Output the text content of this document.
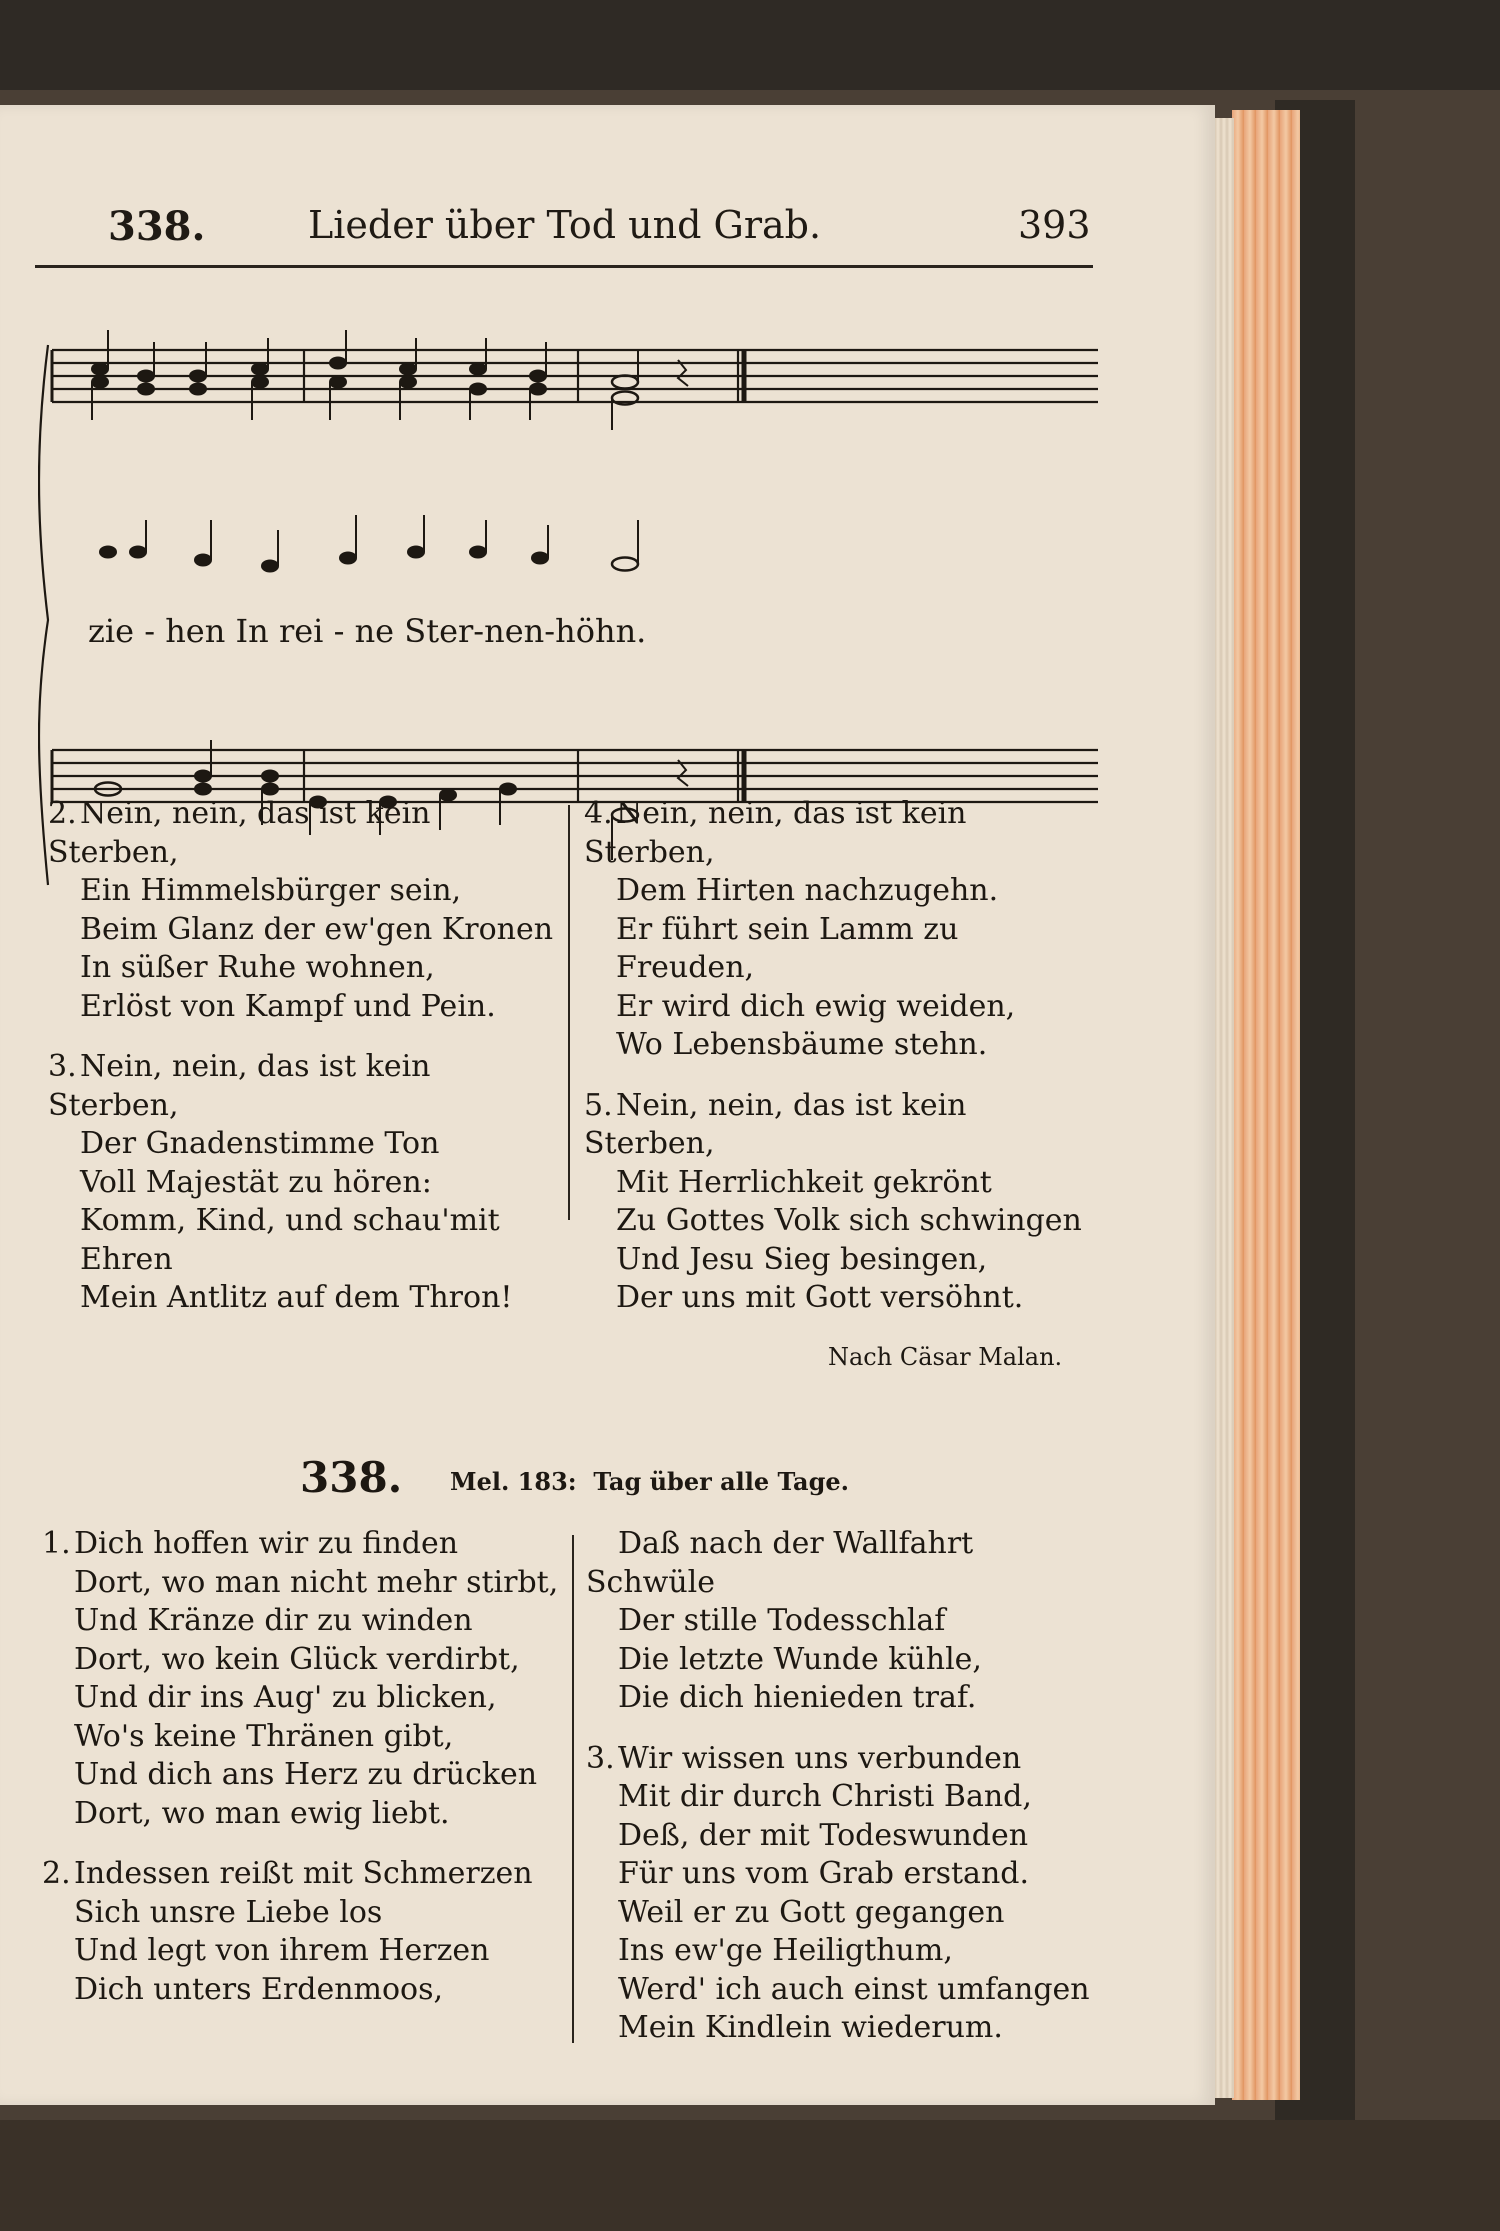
338.	Lieder über Tod und Grab.	393
zie - hen In rei - ne Ster-nen-höhn.
2. Nein, nein, das ist kein Sterben,
Ein Himmelsbürger sein,
Beim Glanz der ew'gen Kronen
In süßer Ruhe wohnen,
Erlöst von Kampf und Pein.
3. Nein, nein, das ist kein Sterben,
Der Gnadenstimme Ton
Voll Majestät zu hören:
Komm, Kind, und schau'mit Ehren
Mein Antlitz auf dem Thron!
4. Nein, nein, das ist kein Sterben,
Dem Hirten nachzugehn.
Er führt sein Lamm zu Freuden,
Er wird dich ewig weiden,
Wo Lebensbäume stehn.
5. Nein, nein, das ist kein Sterben,
Mit Herrlichkeit gekrönt
Zu Gottes Volk sich schwingen
Und Jesu Sieg besingen,
Der uns mit Gott versöhnt.
Nach Cäsar Malan.
338. Mel. 183:  Tag über alle Tage.
1. Dich hoffen wir zu finden
Dort, wo man nicht mehr stirbt,
Und Kränze dir zu winden
Dort, wo kein Glück verdirbt,
Und dir ins Aug' zu blicken,
Wo's keine Thränen gibt,
Und dich ans Herz zu drücken
Dort, wo man ewig liebt.
2. Indessen reißt mit Schmerzen
Sich unsre Liebe los
Und legt von ihrem Herzen
Dich unters Erdenmoos,
Daß nach der Wallfahrt Schwüle
Der stille Todesschlaf
Die letzte Wunde kühle,
Die dich hienieden traf.
3. Wir wissen uns verbunden
Mit dir durch Christi Band,
Deß, der mit Todeswunden
Für uns vom Grab erstand.
Weil er zu Gott gegangen
Ins ew'ge Heiligthum,
Werd' ich auch einst umfangen
Mein Kindlein wiederum.
